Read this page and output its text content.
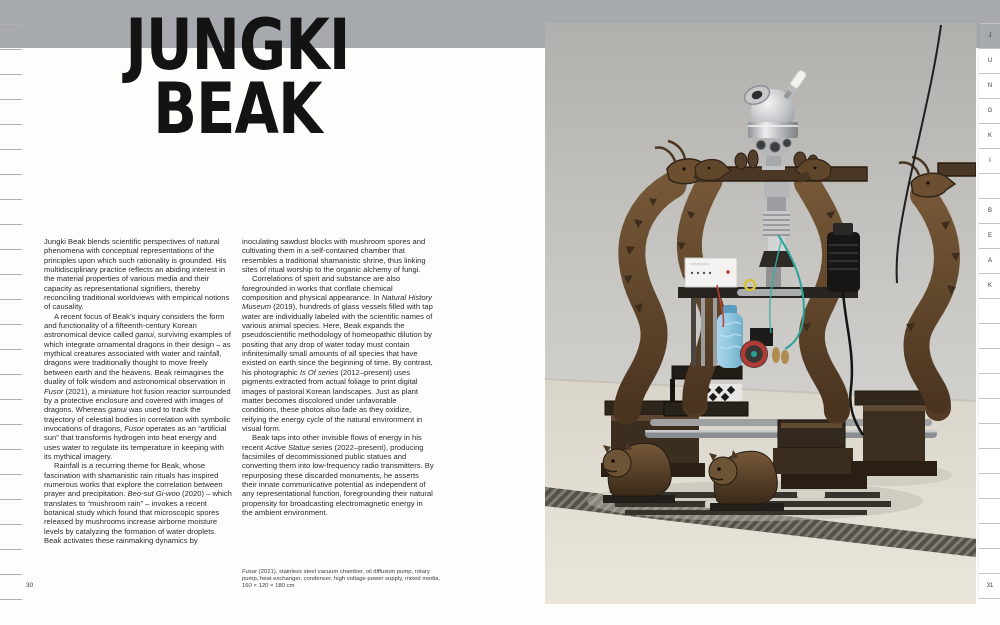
JUNGKI
BEAK

Jungki Beak blends scientific perspectives of natural phenomena with conceptual representations of the principles upon which such rationality is grounded. His multidisciplinary practice reflects an abiding interest in the material properties of various media and their capacity as representational signifiers, thereby reconciling traditional worldviews with empirical notions of causality.

A recent focus of Beak’s inquiry considers the form and functionality of a fifteenth-century Korean astronomical device called ganui, surviving examples of which integrate ornamental dragons in their design – as mythical creatures associated with water and rainfall, dragons were traditionally thought to move freely between earth and the heavens. Beak reimagines the duality of folk wisdom and astronomical observation in Fusor (2021), a miniature hot fusion reactor surrounded by a protective enclosure and covered with images of dragons. Whereas ganui was used to track the trajectory of celestial bodies in correlation with symbolic invocations of dragons, Fusor operates as an “artificial sun” that transforms hydrogen into heat energy and uses water to regulate its temperature in keeping with its mythical imagery.

Rainfall is a recurring theme for Beak, whose fascination with shamanistic rain rituals has inspired numerous works that explore the correlation between prayer and precipitation. Beo-sut Gi-woo (2020) – which translates to “mushroom rain” – invokes a recent botanical study which found that microscopic spores released by mushrooms increase airborne moisture levels by catalyzing the formation of water droplets. Beak activates these rainmaking dynamics by

inoculating sawdust blocks with mushroom spores and cultivating them in a self-contained chamber that resembles a traditional shamanistic shrine, thus linking sites of ritual worship to the organic alchemy of fungi.

Correlations of spirit and substance are also foregrounded in works that conflate chemical composition and physical appearance. In Natural History Museum (2019), hundreds of glass vessels filled with tap water are individually labeled with the scientific names of various animal species. Here, Beak expands the pseudoscientific methodology of homeopathic dilution by positing that any drop of water today must contain infinitesimally small amounts of all species that have existed on earth since the beginning of time. By contrast, his photographic Is Of series (2012–present) uses pigments extracted from actual foliage to print digital images of pastoral Korean landscapes. Just as plant matter becomes discolored under unfavorable conditions, these photos also fade as they oxidize, reifying the energy cycle of the natural environment in visual form.

Beak taps into other invisible flows of energy in his recent Active Statue series (2022–present), producing facsimiles of decommissioned public statues and converting them into low-frequency radio transmitters. By repurposing these discarded monuments, he asserts their innate communicative potential as independent of any representational function, foregrounding their natural propensity for broadcasting electromagnetic energy in the ambient environment.

Fusor (2021), stainless steel vacuum chamber, oil diffusion pump, rotary pump, heat exchanger, condenser, high voltage power supply, mixed media, 160 × 120 × 180 cm
30
J
U
N
G
K
I
B
E
A
K
31
